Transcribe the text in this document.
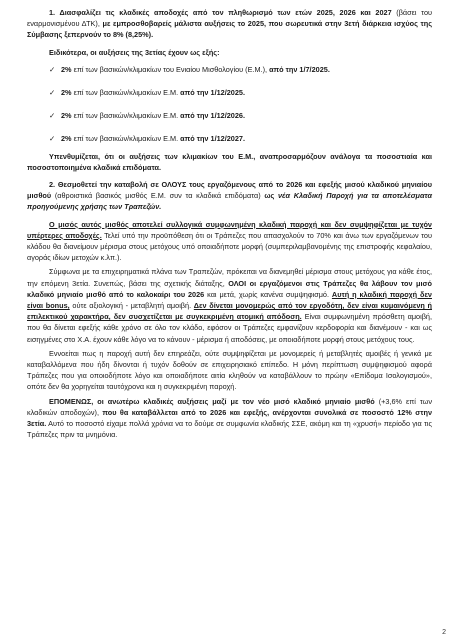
1. Διασφαλίζει τις κλαδικές αποδοχές από τον πληθωρισμό των ετών 2025, 2026 και 2027 (βάσει του εναρμονισμένου ΔΤΚ), με εμπροσθοβαρείς μάλιστα αυξήσεις το 2025, που σωρευτικά στην 3ετή διάρκεια ισχύος της Σύμβασης ξεπερνούν το 8% (8,25%).

Ειδικότερα, οι αυξήσεις της 3ετίας έχουν ως εξής:

✓ 2% επί των βασικών/κλιμακίων του Ενιαίου Μισθολογίου (Ε.Μ.), από την 1/7/2025.
✓ 2% επί των βασικών/κλιμακίων Ε.Μ. από την 1/12/2025.
✓ 2% επί των βασικών/κλιμακίων Ε.Μ. από την 1/12/2026.
✓ 2% επί των βασικών/κλιμακίων Ε.Μ. από την 1/12/2027.

Υπενθυμίζεται, ότι οι αυξήσεις των κλιμακίων του Ε.Μ., αναπροσαρμόζουν ανάλογα τα ποσοστιαία και ποσοστοποιημένα κλαδικά επιδόματα.

2. Θεσμοθετεί την καταβολή σε ΟΛΟΥΣ τους εργαζόμενους από το 2026 και εφεξής μισού κλαδικού μηνιαίου μισθού (αθροιστικά βασικός μισθός Ε.Μ. συν τα κλαδικά επιδόματα) ως νέα Κλαδική Παροχή για τα αποτελέσματα προηγούμενης χρήσης των Τραπεζών.

Ο μισός αυτός μισθός αποτελεί συλλογικά συμφωνημένη κλαδική παροχή και δεν συμψηφίζεται με τυχόν υπέρτερες αποδοχές. Τελεί υπό την προϋπόθεση ότι οι Τράπεζες που απασχολούν το 70% και άνω των εργαζόμενων του κλάδου θα διανείμουν μέρισμα στους μετόχους υπό οποιαδήποτε μορφή (συμπεριλαμβανομένης της επιστροφής κεφαλαίου, αγοράς ιδίων μετοχών κ.λπ.).

Σύμφωνα με τα επιχειρηματικά πλάνα των Τραπεζών, πρόκειται να διανεμηθεί μέρισμα στους μετόχους για κάθε έτος, την επόμενη 3ετία. Συνεπώς, βάσει της σχετικής διάταξης, ΟΛΟΙ οι εργαζόμενοι στις Τράπεζες θα λάβουν τον μισό κλαδικό μηνιαίο μισθό από το καλοκαίρι του 2026 και μετά, χωρίς κανένα συμψηφισμό. Αυτή η κλαδική παροχή δεν είναι bonus, ούτε αξιολογική - μεταβλητή αμοιβή. Δεν δίνεται μονομερώς από τον εργοδότη, δεν είναι κυμαινόμενη ή επιλεκτικού χαρακτήρα, δεν συσχετίζεται με συγκεκριμένη ατομική απόδοση. Είναι συμφωνημένη πρόσθετη αμοιβή, που θα δίνεται εφεξής κάθε χρόνο σε όλο τον κλάδο, εφόσον οι Τράπεζες εμφανίζουν κερδοφορία και διανέμουν - και ως εισηγμένες στο Χ.Α. έχουν κάθε λόγο να το κάνουν - μέρισμα ή αποδόσεις, με οποιαδήποτε μορφή στους μετόχους τους.

Εννοείται πως η παροχή αυτή δεν επηρεάζει, ούτε συμψηφίζεται με μονομερείς ή μεταβλητές αμοιβές ή γενικά με καταβαλλόμενα που ήδη δίνονται ή τυχόν δοθούν σε επιχειρησιακό επίπεδο. Η μόνη περίπτωση συμψηφισμού αφορά Τράπεζες που για οποιοδήποτε λόγο και οποιαδήποτε αιτία κληθούν να καταβάλλουν το πρώην «Επίδομα Ισολογισμού», οπότε δεν θα χορηγείται ταυτόχρονα και η συγκεκριμένη παροχή.

ΕΠΟΜΕΝΩΣ, οι ανωτέρω κλαδικές αυξήσεις μαζί με τον νέο μισό κλαδικό μηνιαίο μισθό (+3,6% επί των κλαδικών αποδοχών), που θα καταβάλλεται από το 2026 και εφεξής, ανέρχονται συνολικά σε ποσοστό 12% στην 3ετία. Αυτό το ποσοστό είχαμε πολλά χρόνια να το δούμε σε συμφωνία κλαδικής ΣΣΕ, ακόμη και τη «χρυσή» περίοδο για τις Τράπεζες πριν τα μνημόνια.

2
